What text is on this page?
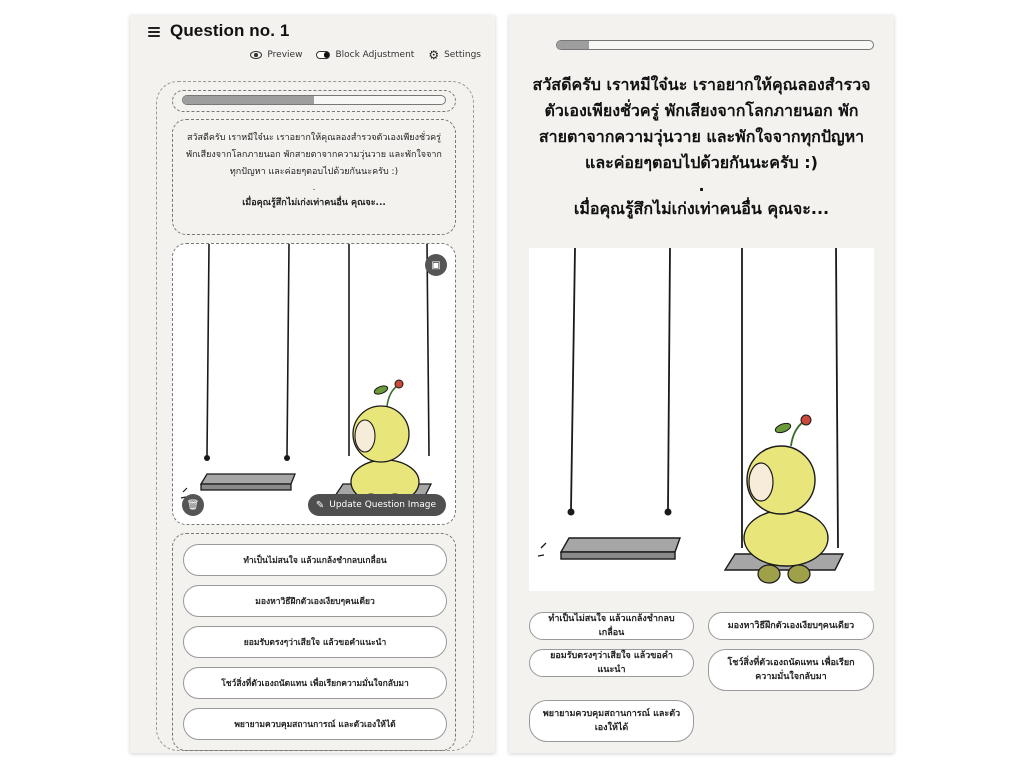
Question no. 1
Preview	Block Adjustment ⚙ Settings

สวัสดีครับ เราหมีใจ๋นะ เราอยากให้คุณลองสำรวจตัวเองเพียงชั่วครู่ พักเสียงจากโลกภายนอก พักสายตาจากความวุ่นวาย และพักใจจากทุกปัญหา และค่อยๆตอบไปด้วยกันนะครับ :)

.

เมื่อคุณรู้สึกไม่เก่งเท่าคนอื่น คุณจะ...

▣
🗑	✎ Update Question Image
ทำเป็นไม่สนใจ แล้วแกล้งชำกลบเกลื่อน
มองหาวิธีฝึกตัวเองเงียบๆคนเดียว
ยอมรับตรงๆว่าเสียใจ แล้วขอคำแนะนำ
โชว์สิ่งที่ตัวเองถนัดแทน เพื่อเรียกความมั่นใจกลับมา
พยายามควบคุมสถานการณ์ และตัวเองให้ได้

สวัสดีครับ เราหมีใจ๋นะ เราอยากให้คุณลองสำรวจตัวเองเพียงชั่วครู่ พักเสียงจากโลกภายนอก พักสายตาจากความวุ่นวาย และพักใจจากทุกปัญหา และค่อยๆตอบไปด้วยกันนะครับ :)

.

เมื่อคุณรู้สึกไม่เก่งเท่าคนอื่น คุณจะ...

ทำเป็นไม่สนใจ แล้วแกล้งชำกลบเกลื่อน
มองหาวิธีฝึกตัวเองเงียบๆคนเดียว
ยอมรับตรงๆว่าเสียใจ แล้วขอคำแนะนำ
โชว์สิ่งที่ตัวเองถนัดแทน เพื่อเรียกความมั่นใจกลับมา
พยายามควบคุมสถานการณ์ และตัวเองให้ได้
